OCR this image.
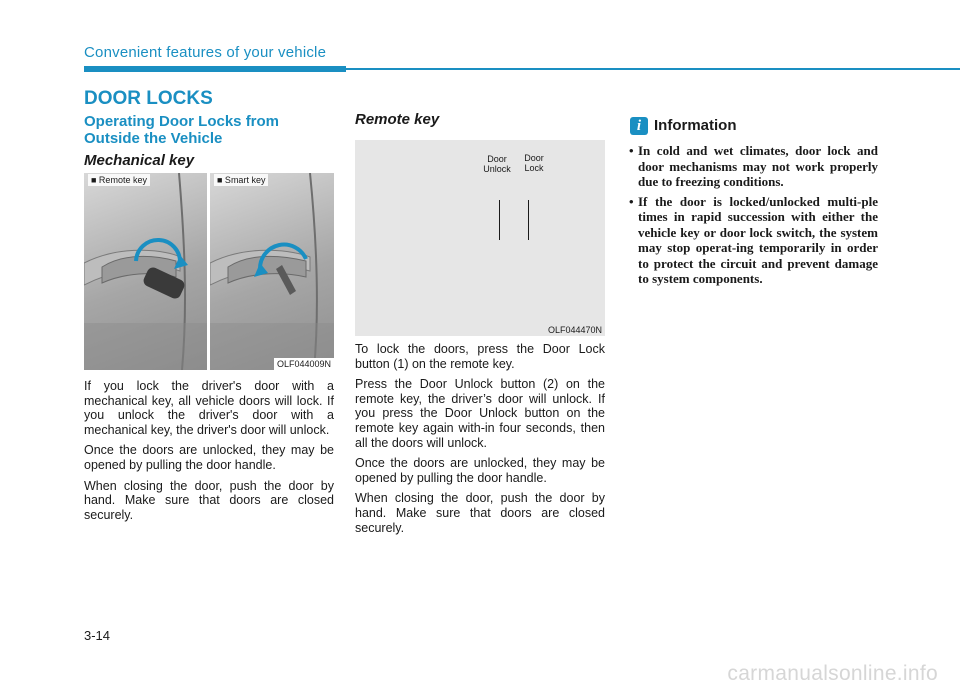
Convenient features of your vehicle
DOOR LOCKS
Operating Door Locks from Outside the Vehicle
Mechanical key
■ Remote key	■ Smart key
OLF044009N

If you lock the driver's door with a mechanical key, all vehicle doors will lock. If you unlock the driver's door with a mechanical key, the driver's door will unlock.

Once the doors are unlocked, they may be opened by pulling the door handle.

When closing the door, push the door by hand. Make sure that doors are closed securely.

Remote key
Door Unlock
Door Lock
OLF044470N

To lock the doors, press the Door Lock button (1) on the remote key.

Press the Door Unlock button (2) on the remote key, the driver’s door will unlock. If you press the Door Unlock button on the remote key again with-in four seconds, then all the doors will unlock.

Once the doors are unlocked, they may be opened by pulling the door handle.

When closing the door, push the door by hand. Make sure that doors are closed securely.

i Information
• In cold and wet climates, door lock and door mechanisms may not work properly due to freezing conditions.
• If the door is locked/unlocked multi-ple times in rapid succession with either the vehicle key or door lock switch, the system may stop operat-ing temporarily in order to protect the circuit and prevent damage to system components.
3-14
carmanualsonline.info
